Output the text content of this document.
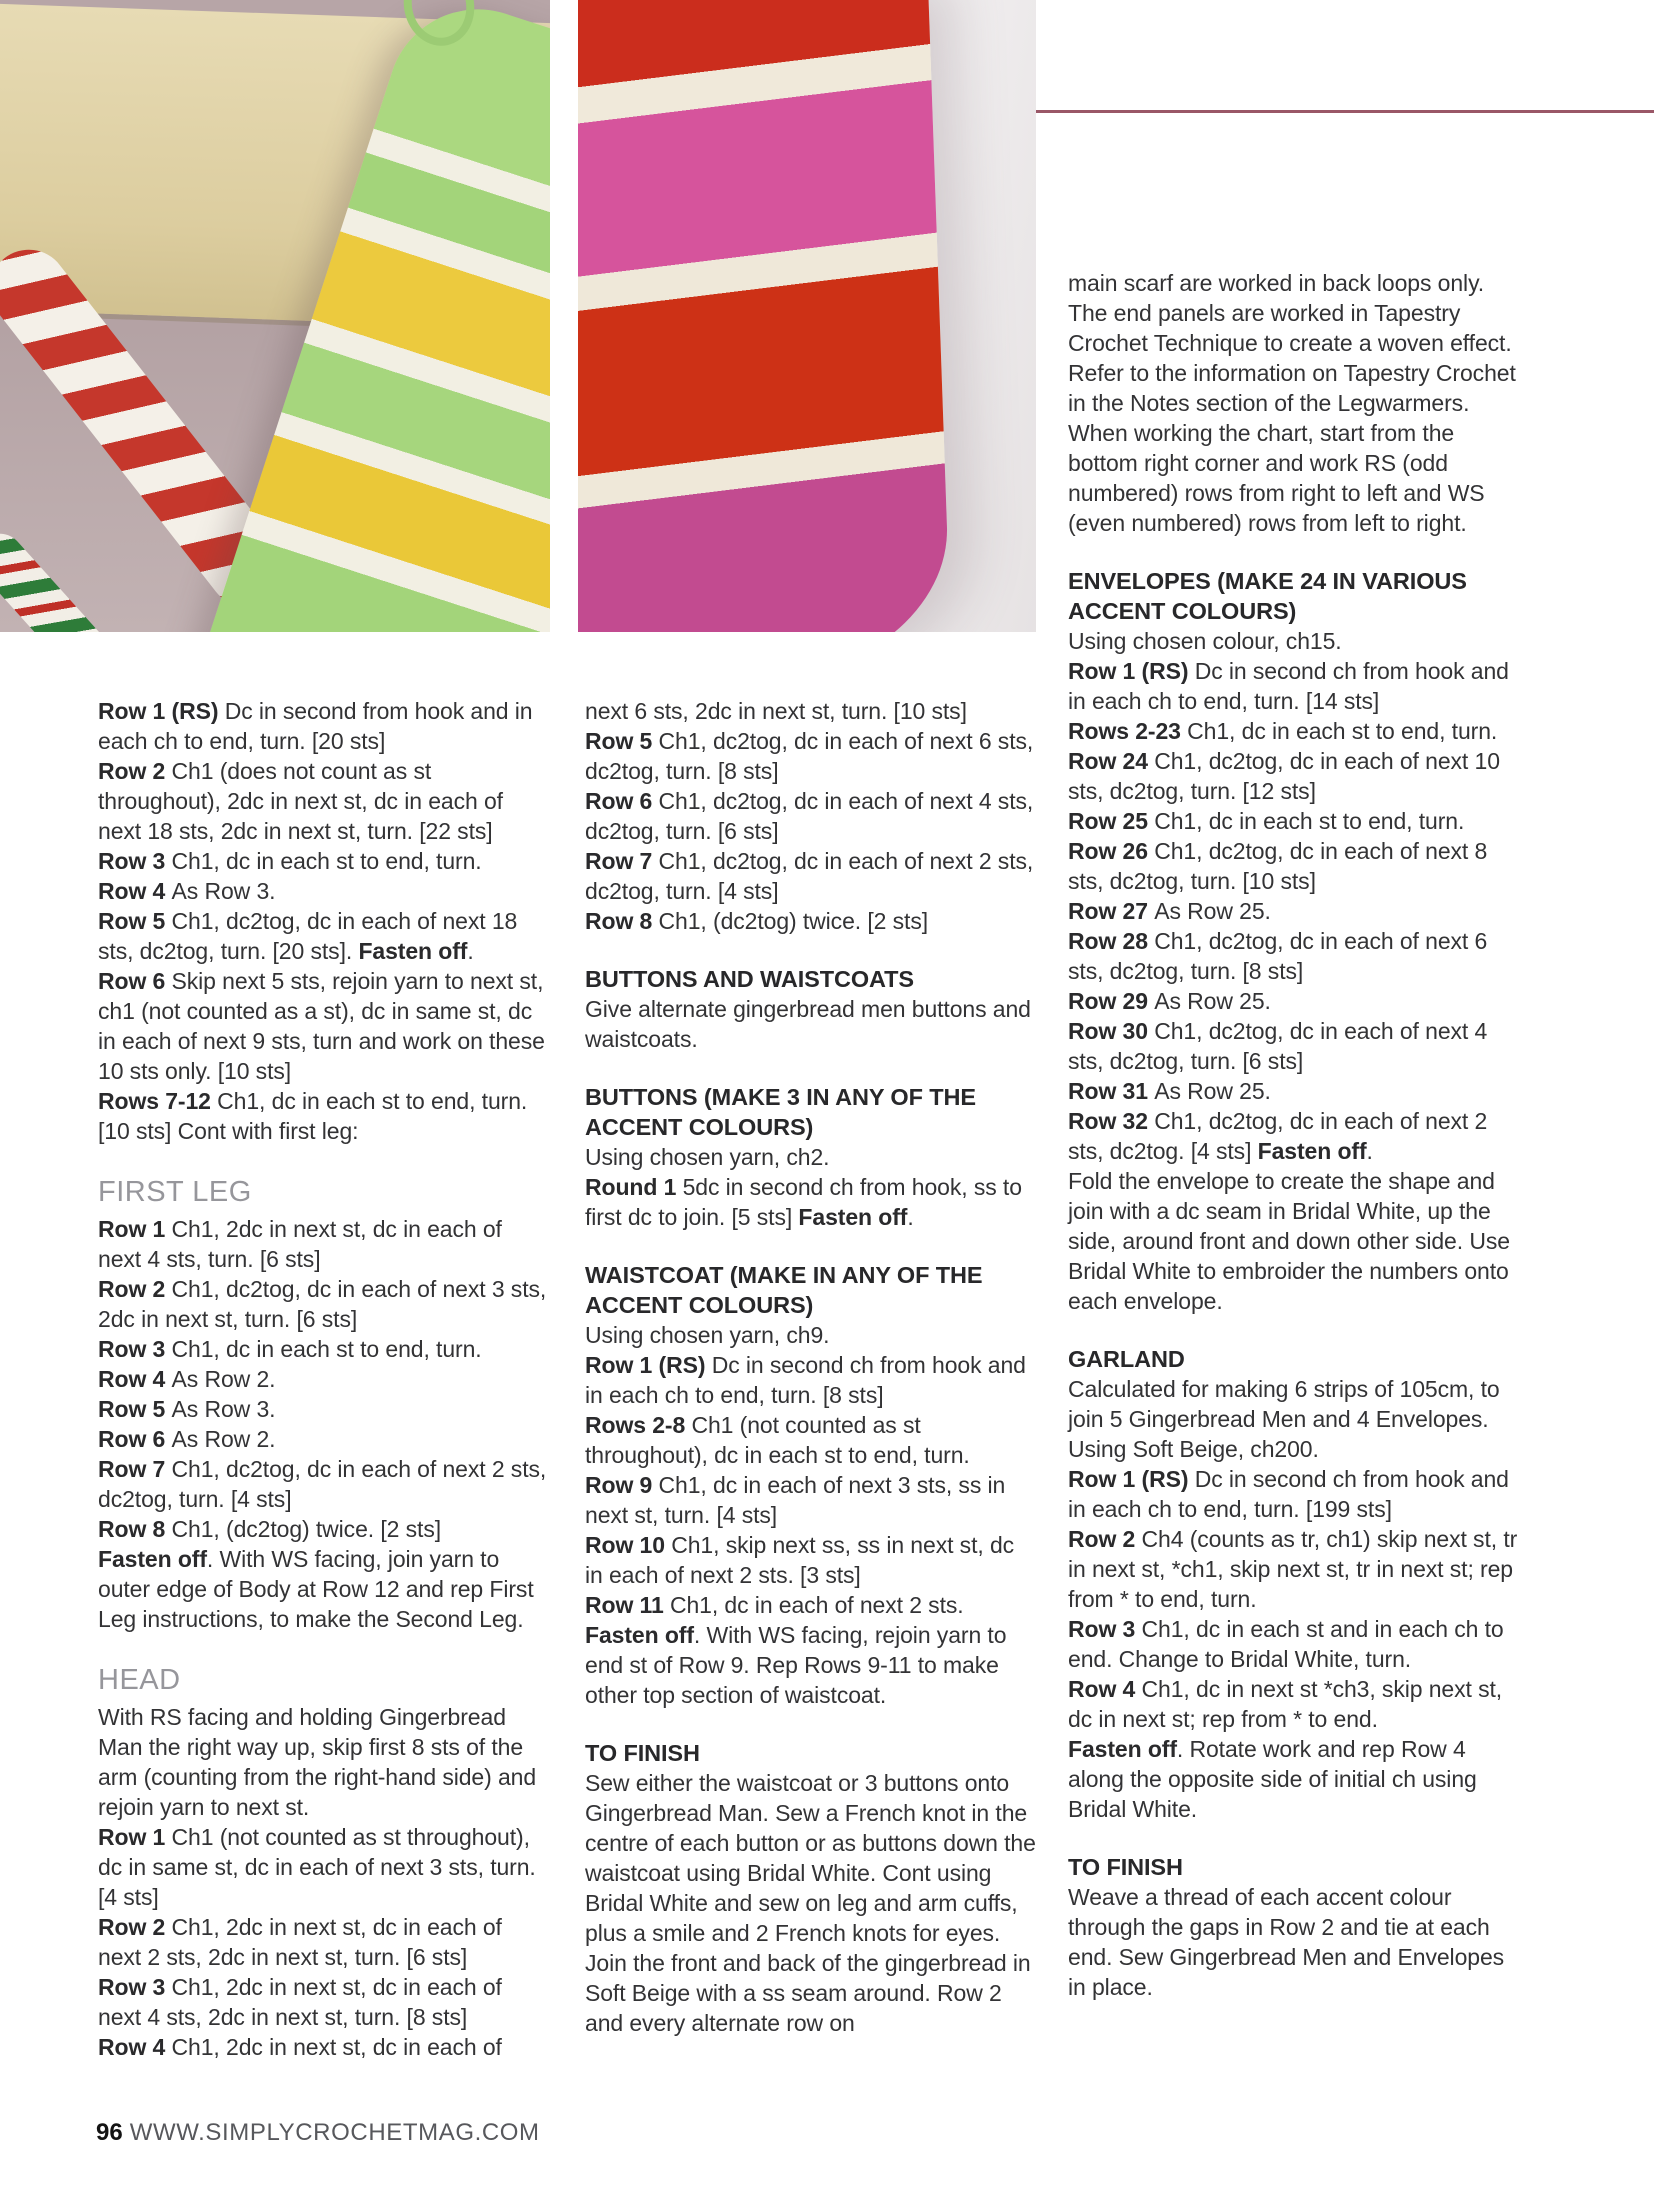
Row 1 (RS) Dc in second from hook and in each ch to end, turn. [20 sts]

Row 2 Ch1 (does not count as st throughout), 2dc in next st, dc in each of next 18 sts, 2dc in next st, turn. [22 sts]

Row 3 Ch1, dc in each st to end, turn.

Row 4 As Row 3.

Row 5 Ch1, dc2tog, dc in each of next 18 sts, dc2tog, turn. [20 sts]. Fasten off.

Row 6 Skip next 5 sts, rejoin yarn to next st, ch1 (not counted as a st), dc in same st, dc in each of next 9 sts, turn and work on these 10 sts only. [10 sts]

Rows 7-12 Ch1, dc in each st to end, turn. [10 sts] Cont with first leg:

FIRST LEG

Row 1 Ch1, 2dc in next st, dc in each of next 4 sts, turn. [6 sts]

Row 2 Ch1, dc2tog, dc in each of next 3 sts, 2dc in next st, turn. [6 sts]

Row 3 Ch1, dc in each st to end, turn.

Row 4 As Row 2.

Row 5 As Row 3.

Row 6 As Row 2.

Row 7 Ch1, dc2tog, dc in each of next 2 sts, dc2tog, turn. [4 sts]

Row 8 Ch1, (dc2tog) twice. [2 sts]

Fasten off. With WS facing, join yarn to outer edge of Body at Row 12 and rep First Leg instructions, to make the Second Leg.

HEAD

With RS facing and holding Gingerbread Man the right way up, skip first 8 sts of the arm (counting from the right-hand side) and rejoin yarn to next st.

Row 1 Ch1 (not counted as st throughout), dc in same st, dc in each of next 3 sts, turn. [4 sts]

Row 2 Ch1, 2dc in next st, dc in each of next 2 sts, 2dc in next st, turn. [6 sts]

Row 3 Ch1, 2dc in next st, dc in each of next 4 sts, 2dc in next st, turn. [8 sts]

Row 4 Ch1, 2dc in next st, dc in each of

next 6 sts, 2dc in next st, turn. [10 sts]

Row 5 Ch1, dc2tog, dc in each of next 6 sts, dc2tog, turn. [8 sts]

Row 6 Ch1, dc2tog, dc in each of next 4 sts, dc2tog, turn. [6 sts]

Row 7 Ch1, dc2tog, dc in each of next 2 sts, dc2tog, turn. [4 sts]

Row 8 Ch1, (dc2tog) twice. [2 sts]

BUTTONS AND WAISTCOATS

Give alternate gingerbread men buttons and waistcoats.

BUTTONS (MAKE 3 IN ANY OF THE ACCENT COLOURS)

Using chosen yarn, ch2.

Round 1 5dc in second ch from hook, ss to first dc to join. [5 sts] Fasten off.

WAISTCOAT (MAKE IN ANY OF THE ACCENT COLOURS)

Using chosen yarn, ch9.

Row 1 (RS) Dc in second ch from hook and in each ch to end, turn. [8 sts]

Rows 2-8 Ch1 (not counted as st throughout), dc in each st to end, turn.

Row 9 Ch1, dc in each of next 3 sts, ss in next st, turn. [4 sts]

Row 10 Ch1, skip next ss, ss in next st, dc in each of next 2 sts. [3 sts]

Row 11 Ch1, dc in each of next 2 sts.

Fasten off. With WS facing, rejoin yarn to end st of Row 9. Rep Rows 9-11 to make other top section of waistcoat.

TO FINISH

Sew either the waistcoat or 3 buttons onto Gingerbread Man. Sew a French knot in the centre of each button or as buttons down the waistcoat using Bridal White. Cont using Bridal White and sew on leg and arm cuffs, plus a smile and 2 French knots for eyes. Join the front and back of the gingerbread in Soft Beige with a ss seam around. Row 2 and every alternate row on

main scarf are worked in back loops only. The end panels are worked in Tapestry Crochet Technique to create a woven effect. Refer to the information on Tapestry Crochet in the Notes section of the Legwarmers.

When working the chart, start from the bottom right corner and work RS (odd numbered) rows from right to left and WS (even numbered) rows from left to right.

ENVELOPES (MAKE 24 IN VARIOUS ACCENT COLOURS)

Using chosen colour, ch15.

Row 1 (RS) Dc in second ch from hook and in each ch to end, turn. [14 sts]

Rows 2-23 Ch1, dc in each st to end, turn.

Row 24 Ch1, dc2tog, dc in each of next 10 sts, dc2tog, turn. [12 sts]

Row 25 Ch1, dc in each st to end, turn.

Row 26 Ch1, dc2tog, dc in each of next 8 sts, dc2tog, turn. [10 sts]

Row 27 As Row 25.

Row 28 Ch1, dc2tog, dc in each of next 6 sts, dc2tog, turn. [8 sts]

Row 29 As Row 25.

Row 30 Ch1, dc2tog, dc in each of next 4 sts, dc2tog, turn. [6 sts]

Row 31 As Row 25.

Row 32 Ch1, dc2tog, dc in each of next 2 sts, dc2tog. [4 sts] Fasten off.

Fold the envelope to create the shape and join with a dc seam in Bridal White, up the side, around front and down other side. Use Bridal White to embroider the numbers onto each envelope.

GARLAND

Calculated for making 6 strips of 105cm, to join 5 Gingerbread Men and 4 Envelopes. Using Soft Beige, ch200.

Row 1 (RS) Dc in second ch from hook and in each ch to end, turn. [199 sts]

Row 2 Ch4 (counts as tr, ch1) skip next st, tr in next st, *ch1, skip next st, tr in next st; rep from * to end, turn.

Row 3 Ch1, dc in each st and in each ch to end. Change to Bridal White, turn.

Row 4 Ch1, dc in next st *ch3, skip next st, dc in next st; rep from * to end.

Fasten off. Rotate work and rep Row 4 along the opposite side of initial ch using Bridal White.

TO FINISH

Weave a thread of each accent colour through the gaps in Row 2 and tie at each end. Sew Gingerbread Men and Envelopes in place.

96 WWW.SIMPLYCROCHETMAG.COM
